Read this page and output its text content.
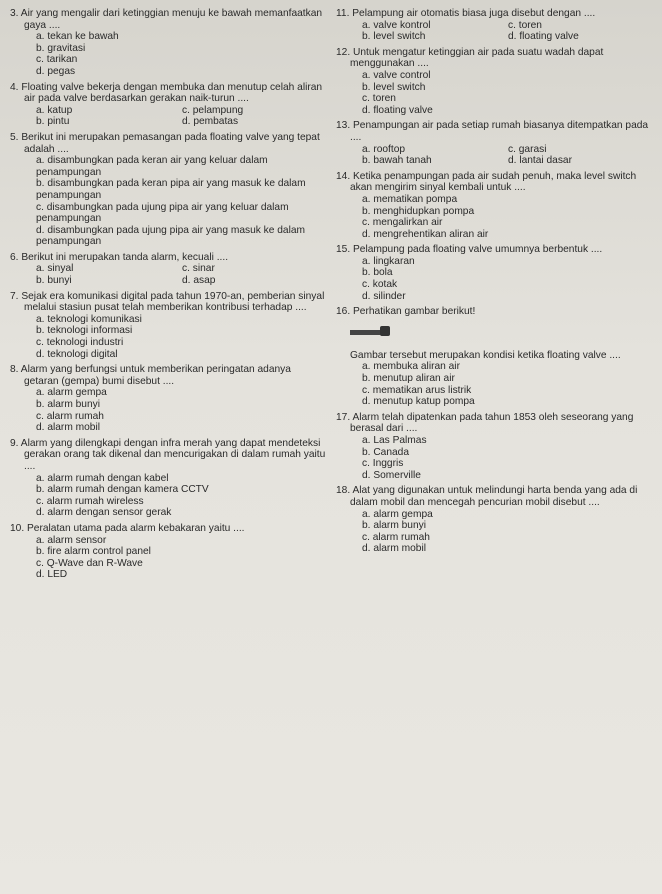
3. Air yang mengalir dari ketinggian menuju ke bawah memanfaatkan gaya ....
a. tekan ke bawah
b. gravitasi
c. tarikan
d. pegas
4. Floating valve bekerja dengan membuka dan menutup celah aliran air pada valve berdasarkan gerakan naik-turun ....
a. katup	c. pelampung
b. pintu	d. pembatas
5. Berikut ini merupakan pemasangan pada floating valve yang tepat adalah ....
a. disambungkan pada keran air yang keluar dalam penampungan
b. disambungkan pada keran pipa air yang masuk ke dalam penampungan
c. disambungkan pada ujung pipa air yang keluar dalam penampungan
d. disambungkan pada ujung pipa air yang masuk ke dalam penampungan
6. Berikut ini merupakan tanda alarm, kecuali ....
a. sinyal	c. sinar
b. bunyi	d. asap
7. Sejak era komunikasi digital pada tahun 1970-an, pemberian sinyal melalui stasiun pusat telah memberikan kontribusi terhadap ....
a. teknologi komunikasi
b. teknologi informasi
c. teknologi industri
d. teknologi digital
8. Alarm yang berfungsi untuk memberikan peringatan adanya getaran (gempa) bumi disebut ....
a. alarm gempa
b. alarm bunyi
c. alarm rumah
d. alarm mobil
9. Alarm yang dilengkapi dengan infra merah yang dapat mendeteksi gerakan orang tak dikenal dan mencurigakan di dalam rumah yaitu ....
a. alarm rumah dengan kabel
b. alarm rumah dengan kamera CCTV
c. alarm rumah wireless
d. alarm dengan sensor gerak
10. Peralatan utama pada alarm kebakaran yaitu ....
a. alarm sensor
b. fire alarm control panel
c. Q-Wave dan R-Wave
d. LED
11. Pelampung air otomatis biasa juga disebut dengan ....
a. valve kontrol	c. toren
b. level switch	d. floating valve
12. Untuk mengatur ketinggian air pada suatu wadah dapat menggunakan ....
a. valve control
b. level switch
c. toren
d. floating valve
13. Penampungan air pada setiap rumah biasanya ditempatkan pada ....
a. rooftop	c. garasi
b. bawah tanah	d. lantai dasar
14. Ketika penampungan pada air sudah penuh, maka level switch akan mengirim sinyal kembali untuk ....
a. mematikan pompa
b. menghidupkan pompa
c. mengalirkan air
d. mengrehentikan aliran air
15. Pelampung pada floating valve umumnya berbentuk ....
a. lingkaran
b. bola
c. kotak
d. silinder
16. Perhatikan gambar berikut!
Gambar tersebut merupakan kondisi ketika floating valve ....
a. membuka aliran air
b. menutup aliran air
c. mematikan arus listrik
d. menutup katup pompa
17. Alarm telah dipatenkan pada tahun 1853 oleh seseorang yang berasal dari ....
a. Las Palmas
b. Canada
c. Inggris
d. Somerville
18. Alat yang digunakan untuk melindungi harta benda yang ada di dalam mobil dan mencegah pencurian mobil disebut ....
a. alarm gempa
b. alarm bunyi
c. alarm rumah
d. alarm mobil
